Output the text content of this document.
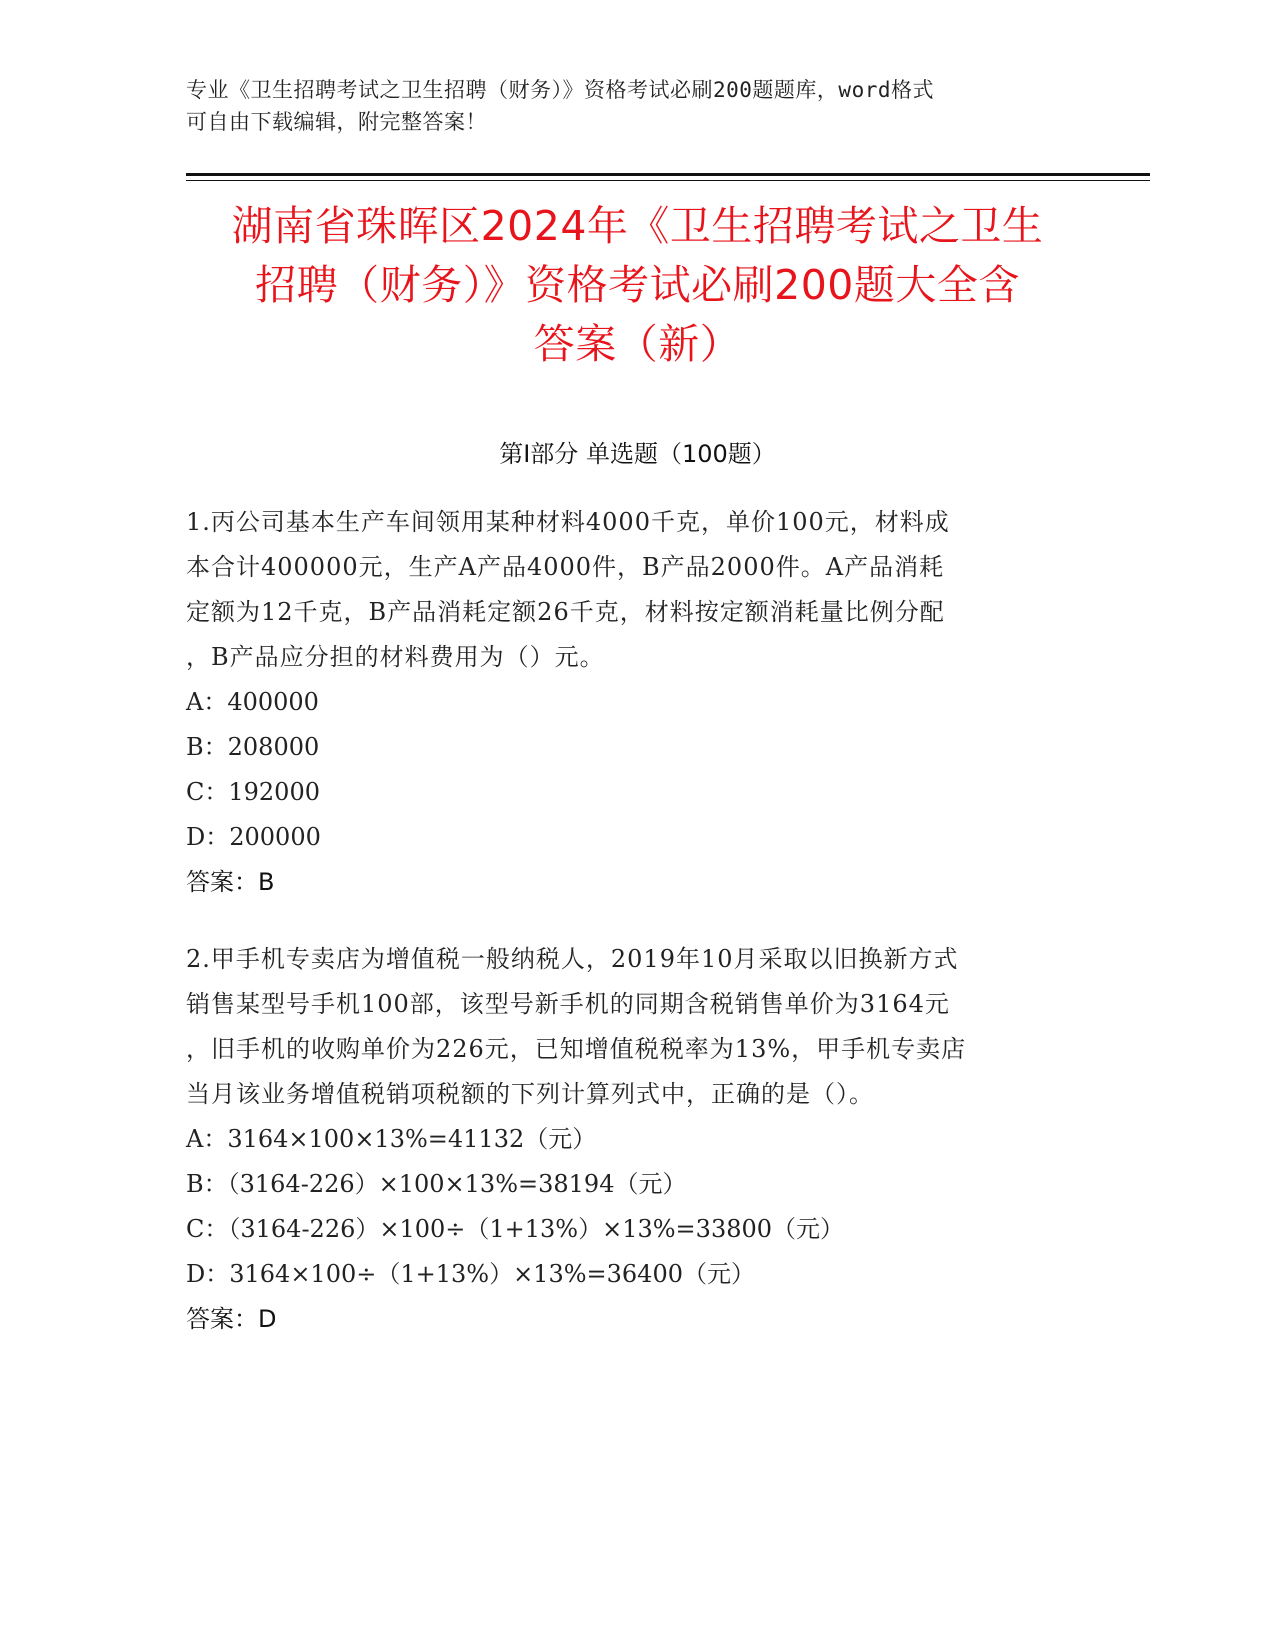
专业《卫生招聘考试之卫生招聘（财务）》资格考试必刷200题题库，word格式
可自由下载编辑，附完整答案！
湖南省珠晖区2024年《卫生招聘考试之卫生
招聘（财务）》资格考试必刷200题大全含
答案（新）
第Ⅰ部分 单选题（100题）
1.丙公司基本生产车间领用某种材料4000千克，单价100元，材料成
本合计400000元，生产A产品4000件，B产品2000件。A产品消耗
定额为12千克，B产品消耗定额26千克，材料按定额消耗量比例分配
，B产品应分担的材料费用为（）元。
A：400000
B：208000
C：192000
D：200000
答案：B
2.甲手机专卖店为增值税一般纳税人，2019年10月采取以旧换新方式
销售某型号手机100部，该型号新手机的同期含税销售单价为3164元
，旧手机的收购单价为226元，已知增值税税率为13%，甲手机专卖店
当月该业务增值税销项税额的下列计算列式中，正确的是（）。
A：3164×100×13%=41132（元）
B：（3164-226）×100×13%=38194（元）
C：（3164-226）×100÷（1+13%）×13%=33800（元）
D：3164×100÷（1+13%）×13%=36400（元）
答案：D
